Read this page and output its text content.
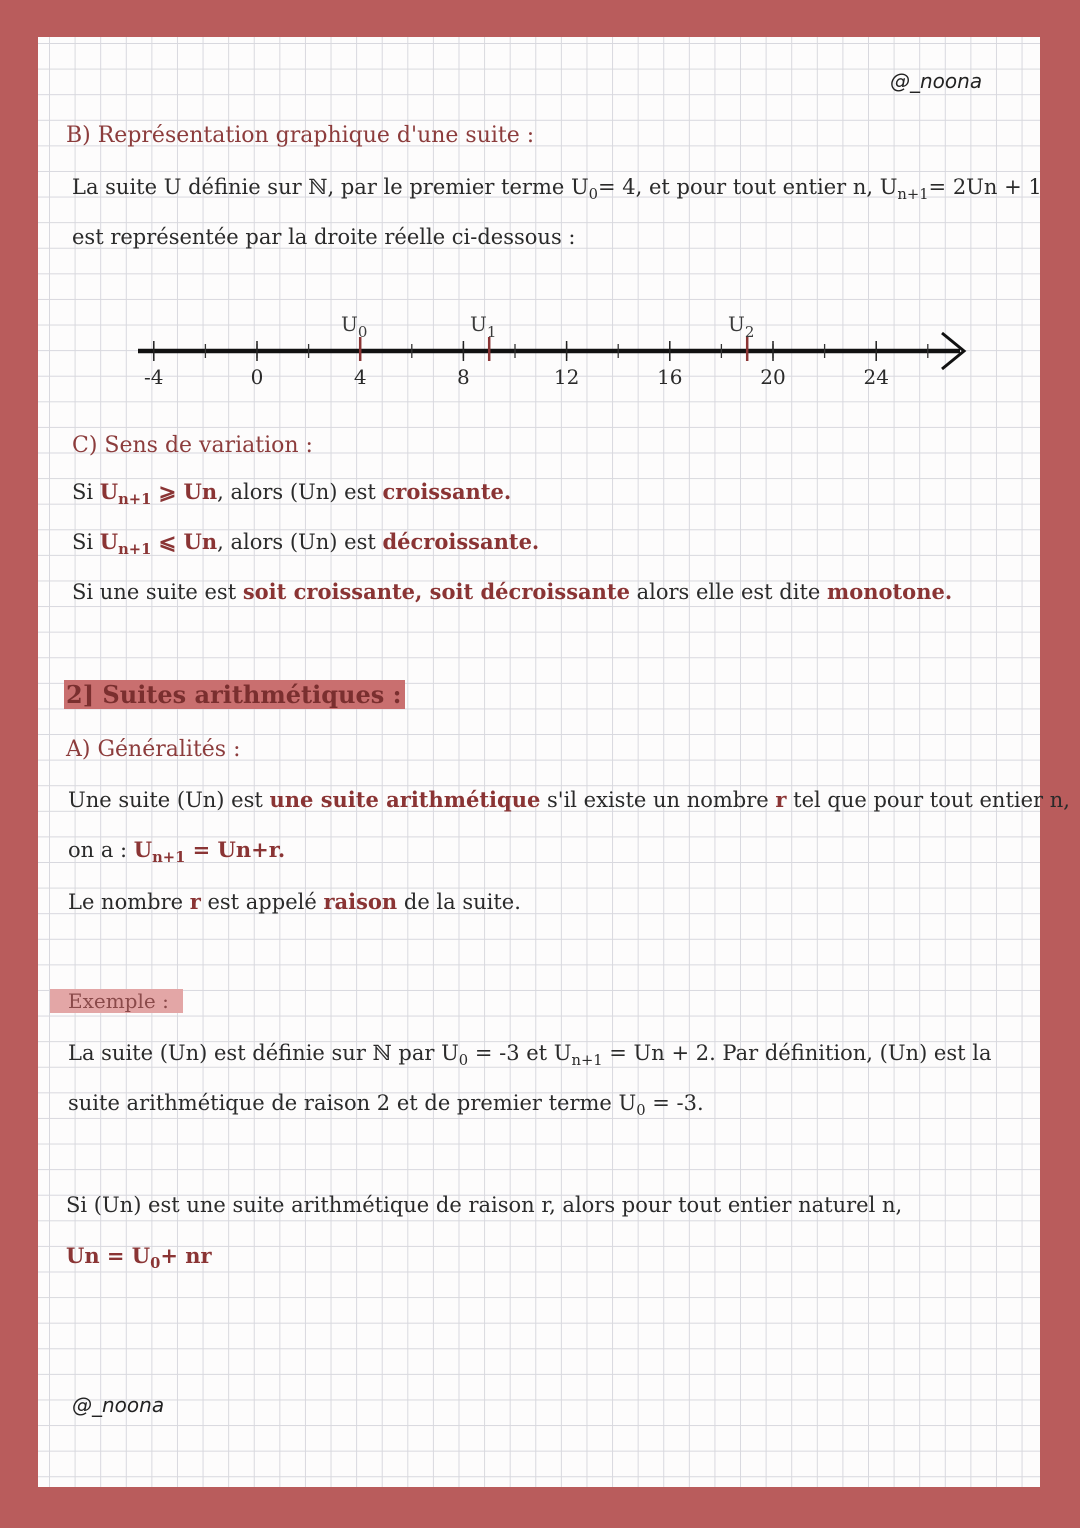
@_noona
B) Représentation graphique d'une suite :
La suite U définie sur ℕ, par le premier terme $U_0= 4$, et pour tout entier n, $U_{n+1}= 2Un + 1$
est représentée par la droite réelle ci-dessous :
-4	0	4	8	12	16	20	24
$U_0$	$U_1$	$U_2$
C) Sens de variation :
Si $U_{n+1}$ ⩾ Un, alors (Un) est croissante.
Si $U_{n+1}$ ⩽ Un, alors (Un) est décroissante.
Si une suite est soit croissante, soit décroissante alors elle est dite monotone.
2] Suites arithmétiques :
A) Généralités :
Une suite (Un) est une suite arithmétique s'il existe un nombre r tel que pour tout entier n,
on a : $U_{n+1} = Un+r$.
Le nombre r est appelé raison de la suite.
Exemple :
La suite (Un) est définie sur ℕ par $U_0 = -3$ et $U_{n+1} = Un + 2$. Par définition, (Un) est la
suite arithmétique de raison 2 et de premier terme $U_0 = -3$.
Si (Un) est une suite arithmétique de raison r, alors pour tout entier naturel n,
$Un = U_0+$ nr
@_noona
